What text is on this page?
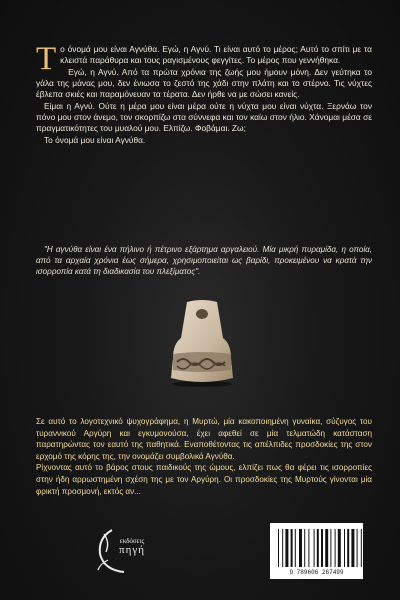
Το όνομά μου είναι Αγνύθα. Εγώ, η Αγνύ. Τι είναι αυτό το μέρος; Αυτό το σπίτι με τα κλειστά παράθυρα και τους ραγισμένους φεγγίτες. Το μέρος που γεννήθηκα.

Εγώ, η Αγνύ. Από τα πρώτα χρόνια της ζωής μου ήμουν μόνη. Δεν γεύτηκα το γάλα της μάνας μου, δεν ένιωσα το ζεστό της χάδι στην πλάτη και το στέρνο. Τις νύχτες έβλεπα σκιές και παραμόνευαν τα τέρατα. Δεν ήρθε να με σώσει κανείς.

Είμαι η Αγνύ. Ούτε η μέρα μου είναι μέρα ούτε η νύχτα μου είναι νύχτα. Ξερνάω τον πόνο μου στον άνεμο, τον σκορπίζω στα σύννεφα και τον καίω στον ήλιο. Χάνομαι μέσα σε πραγματικότητες του μυαλού μου. Ελπίζω. Φοβάμαι. Ζω;

Το όνομά μου είναι Αγνύθα.

"Η αγνύθα είναι ένα πήλινο ή πέτρινο εξάρτημα αργαλειού. Μία μικρή πυραμίδα, η οποία, από τα αρχαία χρόνια έως σήμερα, χρησιμοποιείται ως βαρίδι, προκειμένου να κρατά την ισορροπία κατά τη διαδικασία του πλεξίματος".

Σε αυτό το λογοτεχνικό ψυχογράφημα, η Μυρτώ, μία κακοποιημένη γυναίκα, σύζυγος του τυραννικού Αργύρη και εγκυμονούσα, έχει αφεθεί σε μία τελματώδη κατάσταση παρατηρώντας τον εαυτό της παθητικά. Εναποθέτοντας τις απέλπιδες προσδοκίες της στον ερχομό της κόρης της, την ονομάζει συμβολικά Αγνύθα.

Ρίχνοντας αυτό το βάρος στους παιδικούς της ώμους, ελπίζει πως θα φέρει τις ισορροπίες στην ήδη αρρωστημένη σχέση της με τον Αργύρη. Οι προσδοκίες της Μυρτούς γίνονται μία φρικτή προσμονή, εκτός αν...

εκδόσεις
πηγή
9 789606 267499
